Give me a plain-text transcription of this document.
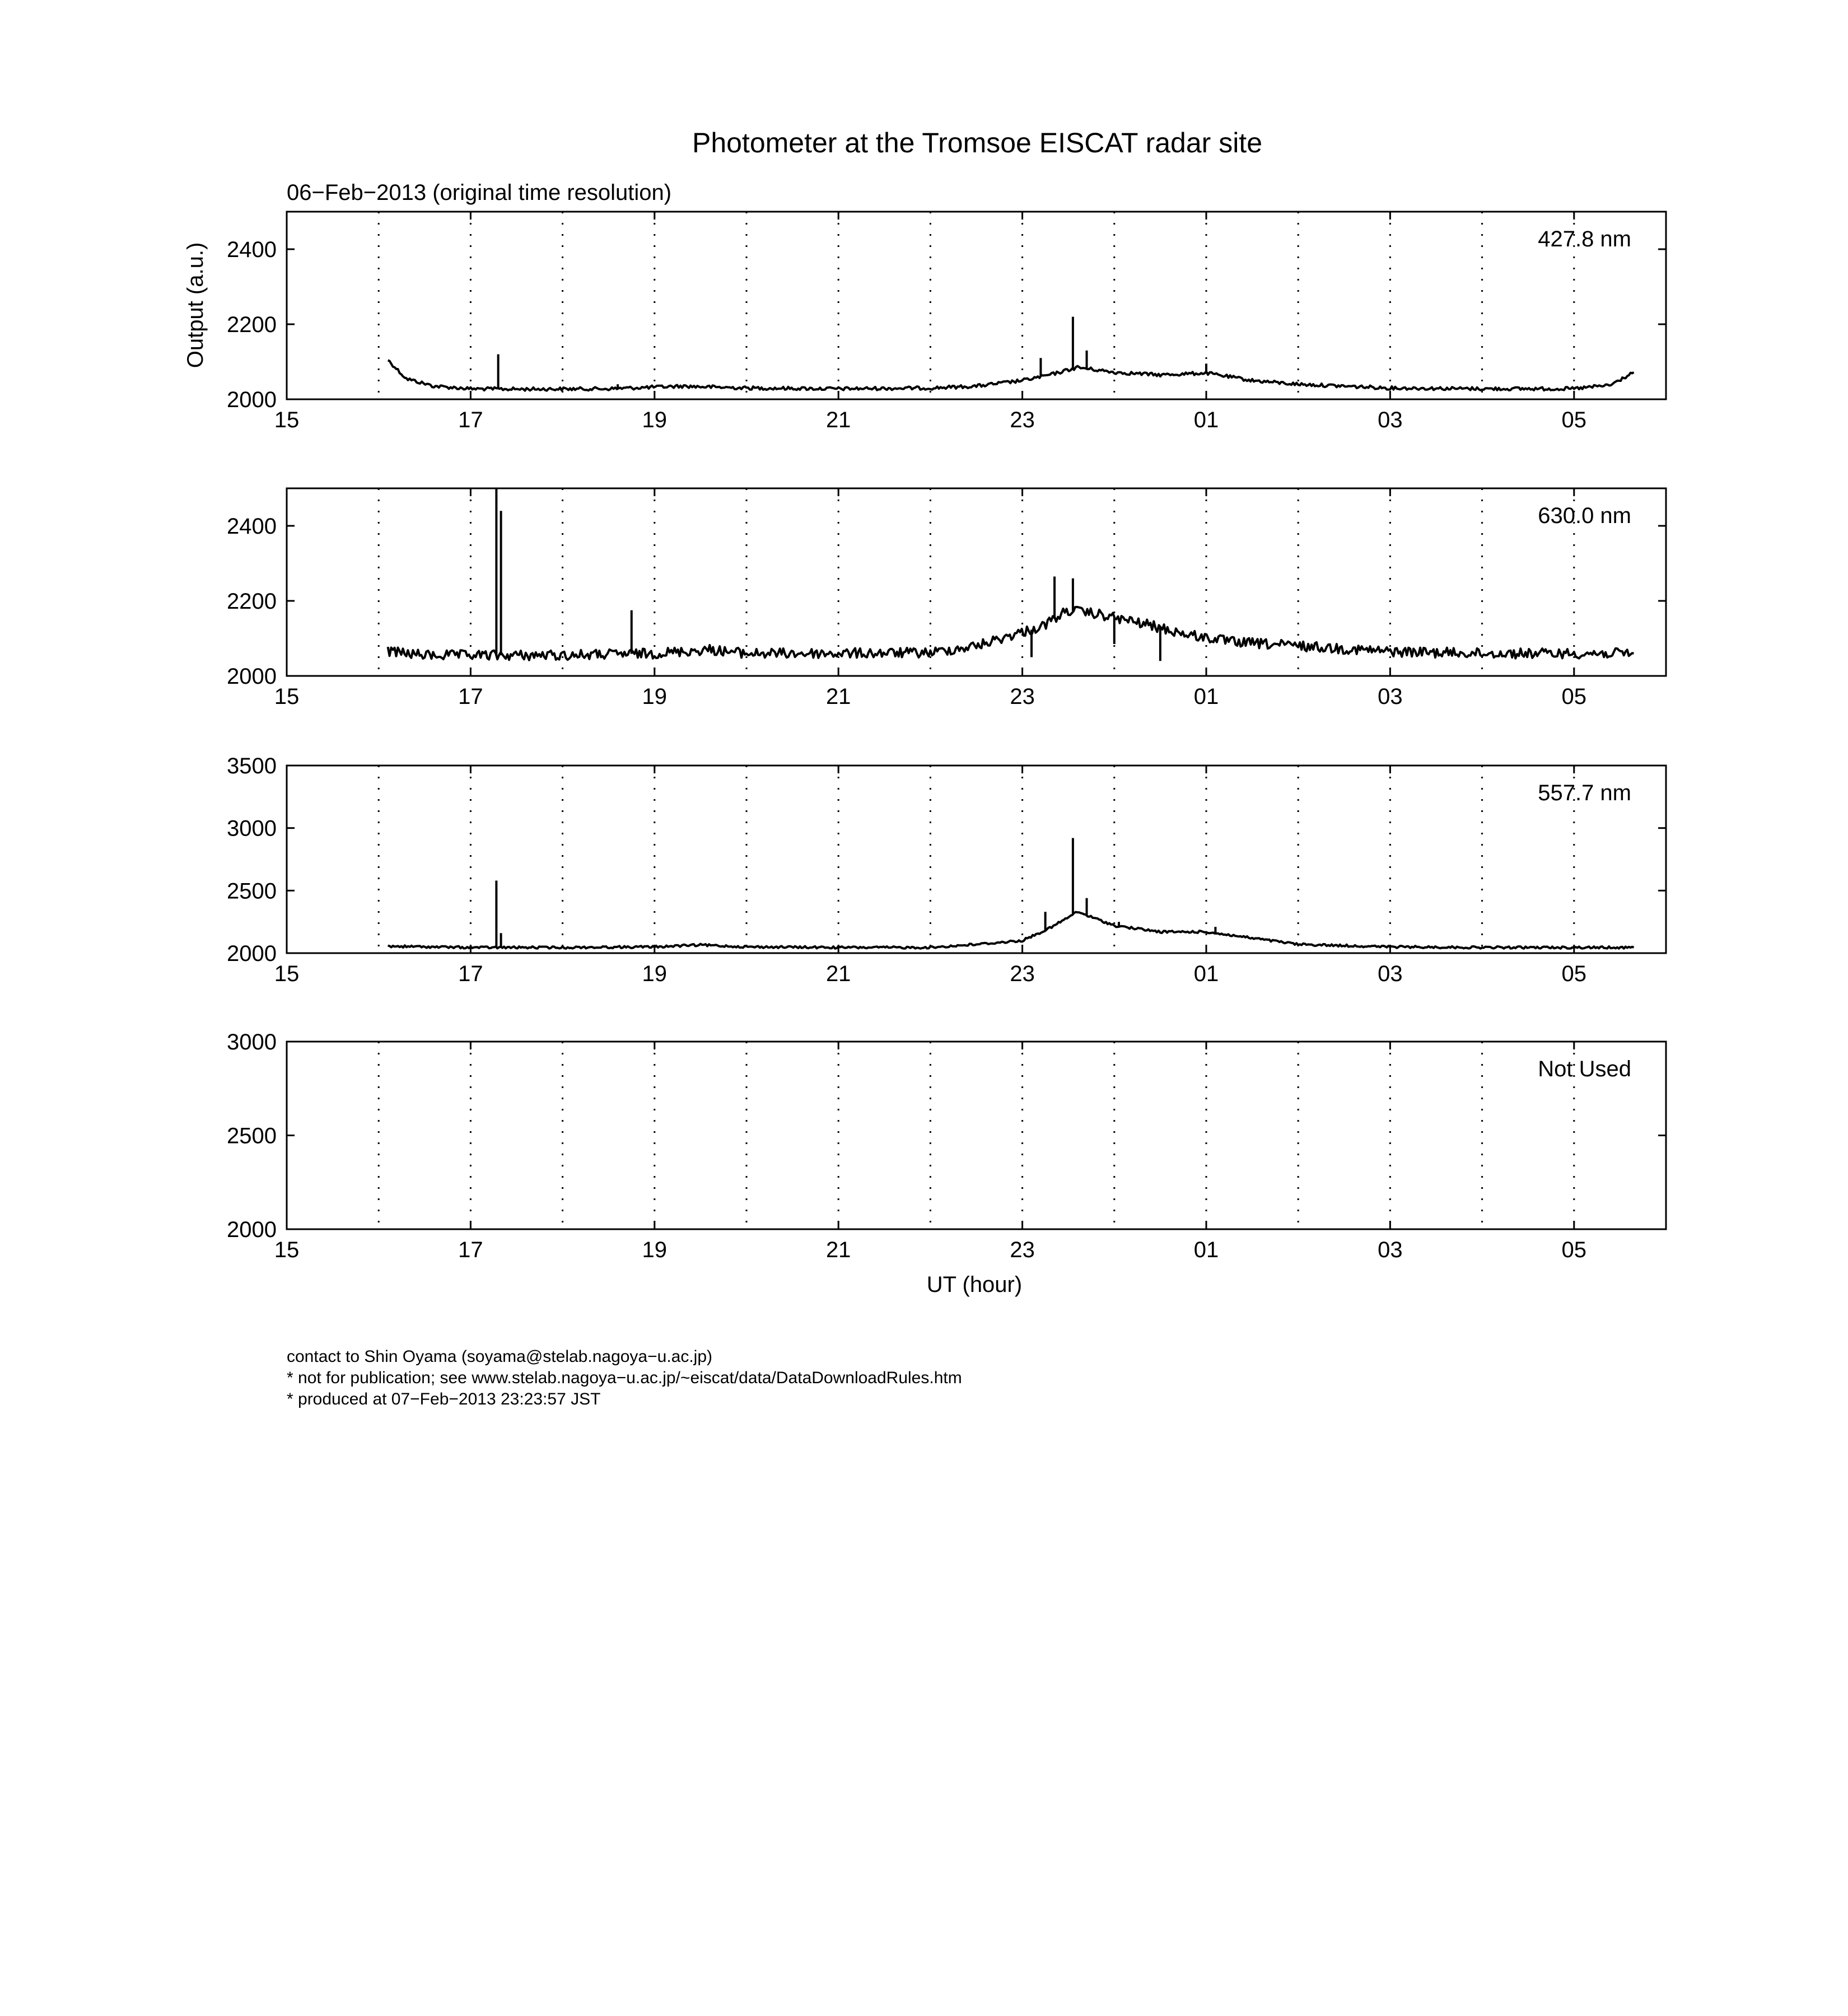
Photometer at the Tromsoe EISCAT radar site
06−Feb−2013 (original time resolution)
Output (a.u.)
UT (hour)
contact to Shin Oyama (soyama@stelab.nagoya−u.ac.jp)
* not for publication; see www.stelab.nagoya−u.ac.jp/~eiscat/data/DataDownloadRules.htm
* produced at 07−Feb−2013 23:23:57 JST
15	17	19	21	23	01	03	05
2000
2200
2400	427.8 nm
15	17	19	21	23	01	03	05
2000
2200
2400	630.0 nm
15	17	19	21	23	01	03	05
2000
2500
3000
3500
557.7 nm
15	17	19	21	23	01	03	05
2000
2500
3000
Not Used
